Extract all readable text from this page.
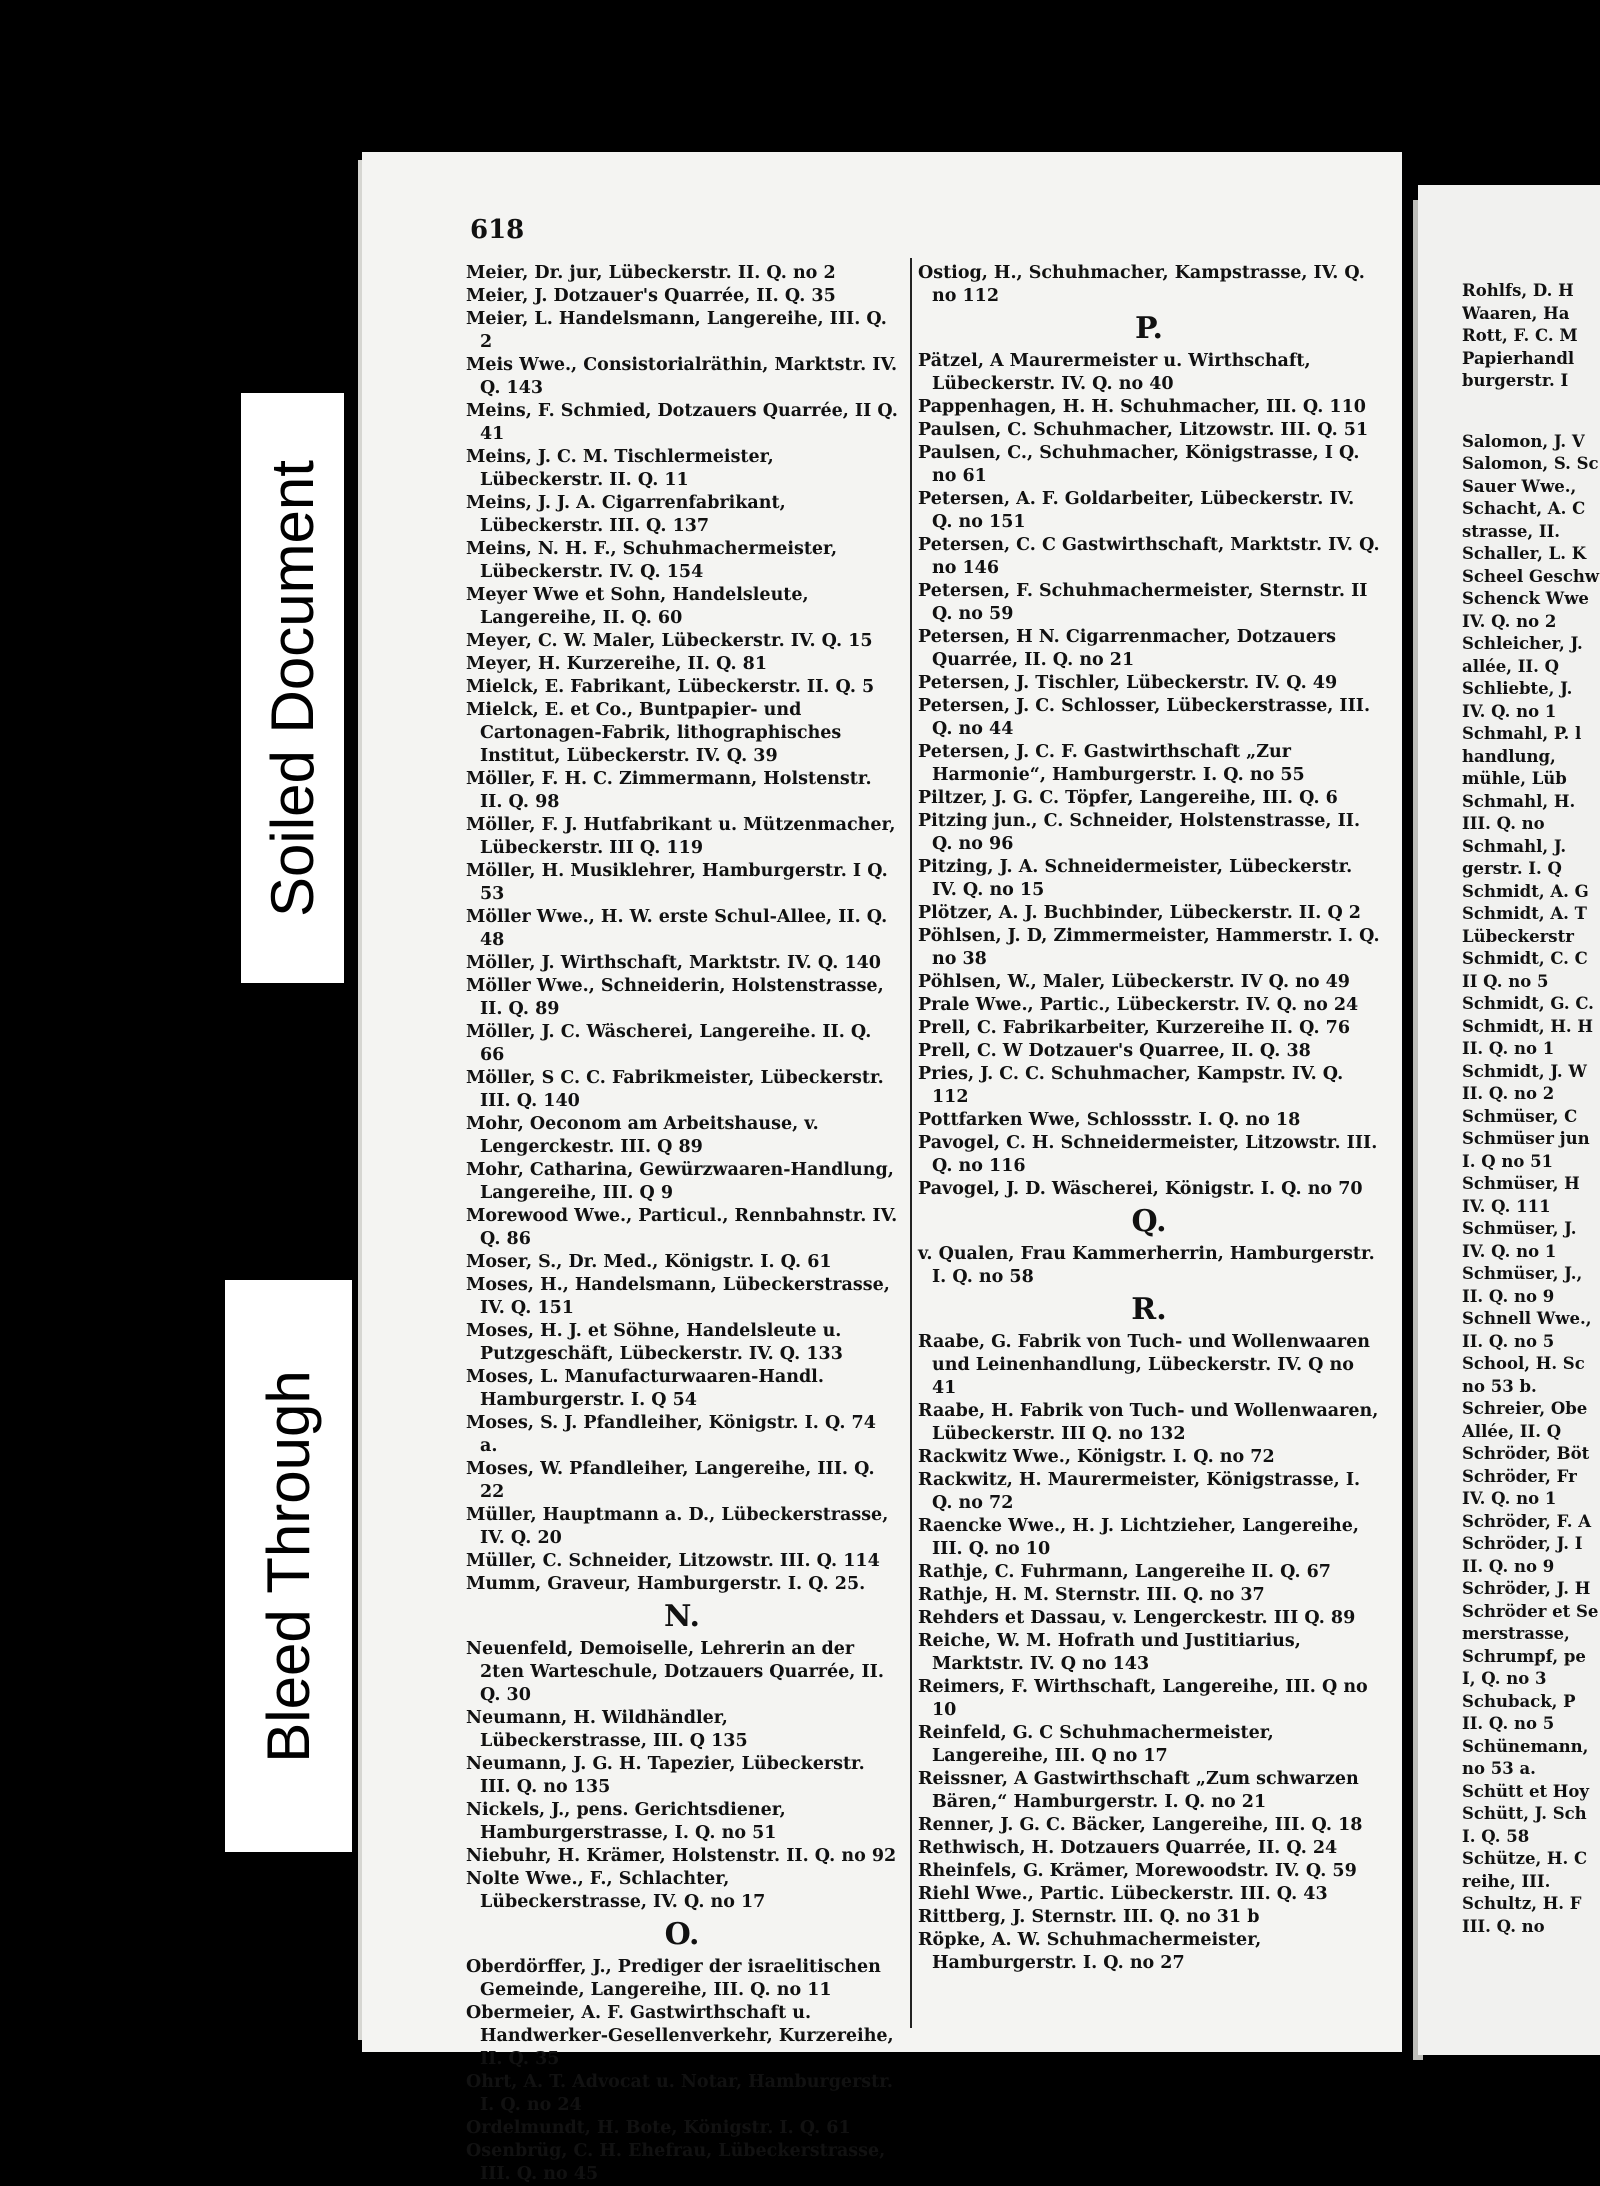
618
Meier, Dr. jur, Lübeckerstr. II. Q. no 2
Meier, J. Dotzauer's Quarrée, II. Q. 35
Meier, L. Handelsmann, Langereihe, III. Q. 2
Meis Wwe., Consistorialräthin, Marktstr. IV. Q. 143
Meins, F. Schmied, Dotzauers Quarrée, II Q. 41
Meins, J. C. M. Tischlermeister, Lübeckerstr. II. Q. 11
Meins, J. J. A. Cigarrenfabrikant, Lübeckerstr. III. Q. 137
Meins, N. H. F., Schuhmachermeister, Lübeckerstr. IV. Q. 154
Meyer Wwe et Sohn, Handelsleute, Langereihe, II. Q. 60
Meyer, C. W. Maler, Lübeckerstr. IV. Q. 15
Meyer, H. Kurzereihe, II. Q. 81
Mielck, E. Fabrikant, Lübeckerstr. II. Q. 5
Mielck, E. et Co., Buntpapier- und Cartonagen-Fabrik, lithographisches Institut, Lübeckerstr. IV. Q. 39
Möller, F. H. C. Zimmermann, Holstenstr. II. Q. 98
Möller, F. J. Hutfabrikant u. Mützenmacher, Lübeckerstr. III Q. 119
Möller, H. Musiklehrer, Hamburgerstr. I Q. 53
Möller Wwe., H. W. erste Schul-Allee, II. Q. 48
Möller, J. Wirthschaft, Marktstr. IV. Q. 140
Möller Wwe., Schneiderin, Holstenstrasse, II. Q. 89
Möller, J. C. Wäscherei, Langereihe. II. Q. 66
Möller, S C. C. Fabrikmeister, Lübeckerstr. III. Q. 140
Mohr, Oeconom am Arbeitshause, v. Lengerckestr. III. Q 89
Mohr, Catharina, Gewürzwaaren-Handlung, Langereihe, III. Q 9
Morewood Wwe., Particul., Rennbahnstr. IV. Q. 86
Moser, S., Dr. Med., Königstr. I. Q. 61
Moses, H., Handelsmann, Lübeckerstrasse, IV. Q. 151
Moses, H. J. et Söhne, Handelsleute u. Putzgeschäft, Lübeckerstr. IV. Q. 133
Moses, L. Manufacturwaaren-Handl. Hamburgerstr. I. Q 54
Moses, S. J. Pfandleiher, Königstr. I. Q. 74 a.
Moses, W. Pfandleiher, Langereihe, III. Q. 22
Müller, Hauptmann a. D., Lübeckerstrasse, IV. Q. 20
Müller, C. Schneider, Litzowstr. III. Q. 114
Mumm, Graveur, Hamburgerstr. I. Q. 25.
N.
Neuenfeld, Demoiselle, Lehrerin an der 2ten Warteschule, Dotzauers Quarrée, II. Q. 30
Neumann, H. Wildhändler, Lübeckerstrasse, III. Q 135
Neumann, J. G. H. Tapezier, Lübeckerstr. III. Q. no 135
Nickels, J., pens. Gerichtsdiener, Hamburgerstrasse, I. Q. no 51
Niebuhr, H. Krämer, Holstenstr. II. Q. no 92
Nolte Wwe., F., Schlachter, Lübeckerstrasse, IV. Q. no 17
O.
Oberdörffer, J., Prediger der israelitischen Gemeinde, Langereihe, III. Q. no 11
Obermeier, A. F. Gastwirthschaft u. Handwerker-Gesellenverkehr, Kurzereihe, II. Q. 35
Ohrt, A. T. Advocat u. Notar, Hamburgerstr. I. Q. no 24
Ordelmundt, H. Bote, Königstr. I. Q. 61
Osenbrüg, C. H. Ehefrau, Lübeckerstrasse, III. Q. no 45
Ostiog, H., Schuhmacher, Kampstrasse, IV. Q. no 112
P.
Pätzel, A Maurermeister u. Wirthschaft, Lübeckerstr. IV. Q. no 40
Pappenhagen, H. H. Schuhmacher, III. Q. 110
Paulsen, C. Schuhmacher, Litzowstr. III. Q. 51
Paulsen, C., Schuhmacher, Königstrasse, I Q. no 61
Petersen, A. F. Goldarbeiter, Lübeckerstr. IV. Q. no 151
Petersen, C. C Gastwirthschaft, Marktstr. IV. Q. no 146
Petersen, F. Schuhmachermeister, Sternstr. II Q. no 59
Petersen, H N. Cigarrenmacher, Dotzauers Quarrée, II. Q. no 21
Petersen, J. Tischler, Lübeckerstr. IV. Q. 49
Petersen, J. C. Schlosser, Lübeckerstrasse, III. Q. no 44
Petersen, J. C. F. Gastwirthschaft „Zur Harmonie“, Hamburgerstr. I. Q. no 55
Piltzer, J. G. C. Töpfer, Langereihe, III. Q. 6
Pitzing jun., C. Schneider, Holstenstrasse, II. Q. no 96
Pitzing, J. A. Schneidermeister, Lübeckerstr. IV. Q. no 15
Plötzer, A. J. Buchbinder, Lübeckerstr. II. Q 2
Pöhlsen, J. D, Zimmermeister, Hammerstr. I. Q. no 38
Pöhlsen, W., Maler, Lübeckerstr. IV Q. no 49
Prale Wwe., Partic., Lübeckerstr. IV. Q. no 24
Prell, C. Fabrikarbeiter, Kurzereihe II. Q. 76
Prell, C. W Dotzauer's Quarree, II. Q. 38
Pries, J. C. C. Schuhmacher, Kampstr. IV. Q. 112
Pottfarken Wwe, Schlossstr. I. Q. no 18
Pavogel, C. H. Schneidermeister, Litzowstr. III. Q. no 116
Pavogel, J. D. Wäscherei, Königstr. I. Q. no 70
Q.
v. Qualen, Frau Kammerherrin, Hamburgerstr. I. Q. no 58
R.
Raabe, G. Fabrik von Tuch- und Wollenwaaren und Leinenhandlung, Lübeckerstr. IV. Q no 41
Raabe, H. Fabrik von Tuch- und Wollenwaaren, Lübeckerstr. III Q. no 132
Rackwitz Wwe., Königstr. I. Q. no 72
Rackwitz, H. Maurermeister, Königstrasse, I. Q. no 72
Raencke Wwe., H. J. Lichtzieher, Langereihe, III. Q. no 10
Rathje, C. Fuhrmann, Langereihe II. Q. 67
Rathje, H. M. Sternstr. III. Q. no 37
Rehders et Dassau, v. Lengerckestr. III Q. 89
Reiche, W. M. Hofrath und Justitiarius, Marktstr. IV. Q no 143
Reimers, F. Wirthschaft, Langereihe, III. Q no 10
Reinfeld, G. C Schuhmachermeister, Langereihe, III. Q no 17
Reissner, A Gastwirthschaft „Zum schwarzen Bären,“ Hamburgerstr. I. Q. no 21
Renner, J. G. C. Bäcker, Langereihe, III. Q. 18
Rethwisch, H. Dotzauers Quarrée, II. Q. 24
Rheinfels, G. Krämer, Morewoodstr. IV. Q. 59
Riehl Wwe., Partic. Lübeckerstr. III. Q. 43
Rittberg, J. Sternstr. III. Q. no 31 b
Röpke, A. W. Schuhmachermeister, Hamburgerstr. I. Q. no 27
Rohlfs, D. H
Waaren, Ha
Rott, F. C. M
Papierhandl
burgerstr. I
Salomon, J. V
Salomon, S. Sc
Sauer Wwe.,
Schacht, A. C
strasse, II.
Schaller, L. K
Scheel Geschw
Schenck Wwe
IV. Q. no 2
Schleicher, J.
allée, II. Q
Schliebte, J.
IV. Q. no 1
Schmahl, P. l
handlung,
mühle, Lüb
Schmahl, H.
III. Q. no
Schmahl, J.
gerstr. I. Q
Schmidt, A. G
Schmidt, A. T
Lübeckerstr
Schmidt, C. C
II Q. no 5
Schmidt, G. C.
Schmidt, H. H
II. Q. no 1
Schmidt, J. W
II. Q. no 2
Schmüser, C
Schmüser jun
I. Q no 51
Schmüser, H
IV. Q. 111
Schmüser, J.
IV. Q. no 1
Schmüser, J.,
II. Q. no 9
Schnell Wwe.,
II. Q. no 5
School, H. Sc
no 53 b.
Schreier, Obe
Allée, II. Q
Schröder, Böt
Schröder, Fr
IV. Q. no 1
Schröder, F. A
Schröder, J. I
II. Q. no 9
Schröder, J. H
Schröder et Se
merstrasse,
Schrumpf, pe
I, Q. no 3
Schuback, P
II. Q. no 5
Schünemann,
no 53 a.
Schütt et Hoy
Schütt, J. Sch
I. Q. 58
Schütze, H. C
reihe, III.
Schultz, H. F
III. Q. no
Soiled Document
Bleed Through
